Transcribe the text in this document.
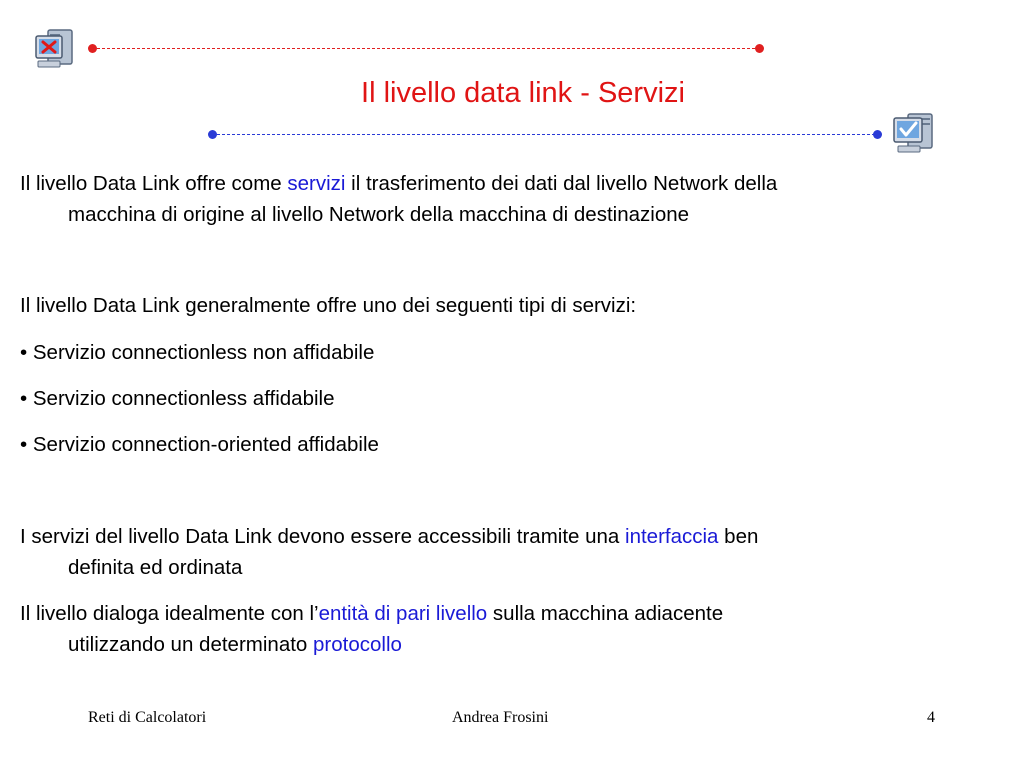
Il livello data link - Servizi
Il livello Data Link offre come servizi il trasferimento dei dati dal livello Network della
macchina di origine al livello Network della macchina di destinazione
Il livello Data Link generalmente offre uno dei seguenti tipi di servizi:
• Servizio connectionless non affidabile
• Servizio connectionless affidabile
• Servizio connection-oriented affidabile
I servizi del livello Data Link devono essere accessibili tramite una interfaccia ben
definita ed ordinata
Il livello dialoga idealmente con l’entità di pari livello sulla macchina adiacente
utilizzando un determinato protocollo
Reti di Calcolatori	Andrea Frosini	4
